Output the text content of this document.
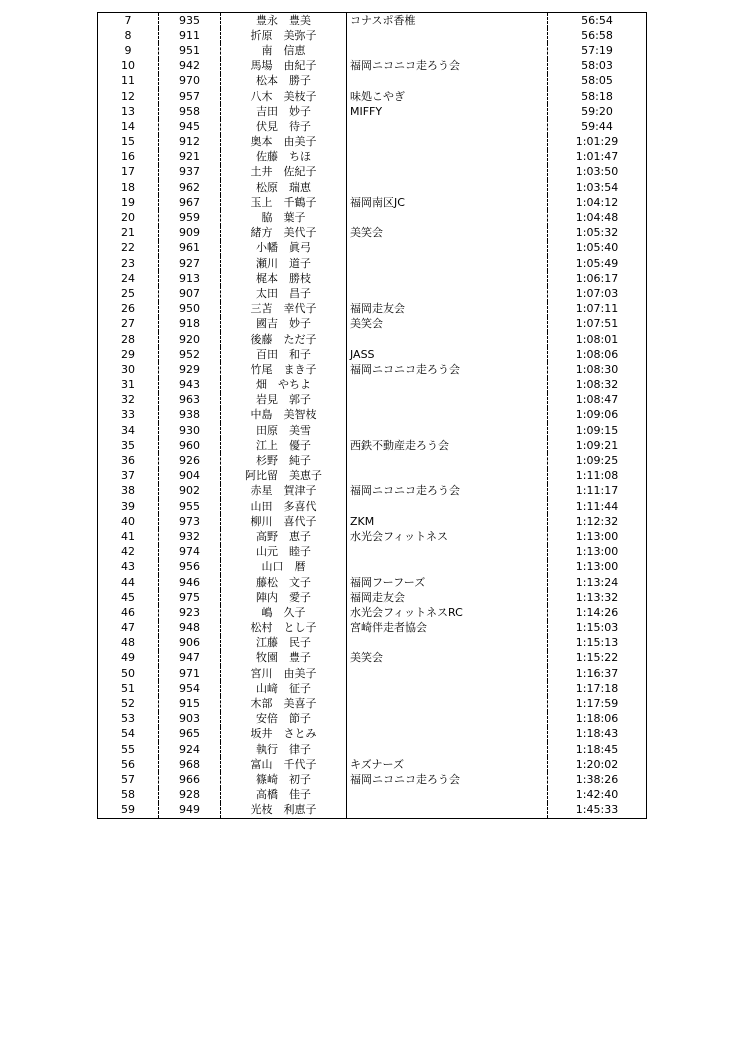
7	935	豊永　豊美	コナスポ香椎	56:54
8	911	折原　美弥子		56:58
9	951	南　信恵		57:19
10	942	馬場　由紀子	福岡ニコニコ走ろう会	58:03
11	970	松本　勝子		58:05
12	957	八木　美枝子	味処こやぎ	58:18
13	958	吉田　妙子	MIFFY	59:20
14	945	伏見　待子		59:44
15	912	奥本　由美子		1:01:29
16	921	佐藤　ちほ		1:01:47
17	937	土井　佐紀子		1:03:50
18	962	松原　瑞恵		1:03:54
19	967	玉上　千鶴子	福岡南区JC	1:04:12
20	959	脇　葉子		1:04:48
21	909	緒方　美代子	美笑会	1:05:32
22	961	小幡　眞弓		1:05:40
23	927	瀬川　道子		1:05:49
24	913	梶本　勝枝		1:06:17
25	907	太田　昌子		1:07:03
26	950	三苫　幸代子	福岡走友会	1:07:11
27	918	國吉　妙子	美笑会	1:07:51
28	920	後藤　ただ子		1:08:01
29	952	百田　和子	JASS	1:08:06
30	929	竹尾　まき子	福岡ニコニコ走ろう会	1:08:30
31	943	畑　やちよ		1:08:32
32	963	岩見　郭子		1:08:47
33	938	中島　美智枝		1:09:06
34	930	田原　美雪		1:09:15
35	960	江上　優子	西鉄不動産走ろう会	1:09:21
36	926	杉野　純子		1:09:25
37	904	阿比留　美恵子		1:11:08
38	902	赤星　賀津子	福岡ニコニコ走ろう会	1:11:17
39	955	山田　多喜代		1:11:44
40	973	柳川　喜代子	ZKM	1:12:32
41	932	高野　恵子	水光会フィットネス	1:13:00
42	974	山元　睦子		1:13:00
43	956	山口　暦		1:13:00
44	946	藤松　文子	福岡フーフーズ	1:13:24
45	975	陣内　愛子	福岡走友会	1:13:32
46	923	嶋　久子	水光会フィットネスRC	1:14:26
47	948	松村　とし子	宮崎伴走者協会	1:15:03
48	906	江藤　民子		1:15:13
49	947	牧園　豊子	美笑会	1:15:22
50	971	宮川　由美子		1:16:37
51	954	山﨑　征子		1:17:18
52	915	木部　美喜子		1:17:59
53	903	安倍　節子		1:18:06
54	965	坂井　さとみ		1:18:43
55	924	執行　律子		1:18:45
56	968	富山　千代子	キズナーズ	1:20:02
57	966	篠崎　初子	福岡ニコニコ走ろう会	1:38:26
58	928	高橋　佳子		1:42:40
59	949	光枝　利恵子		1:45:33
